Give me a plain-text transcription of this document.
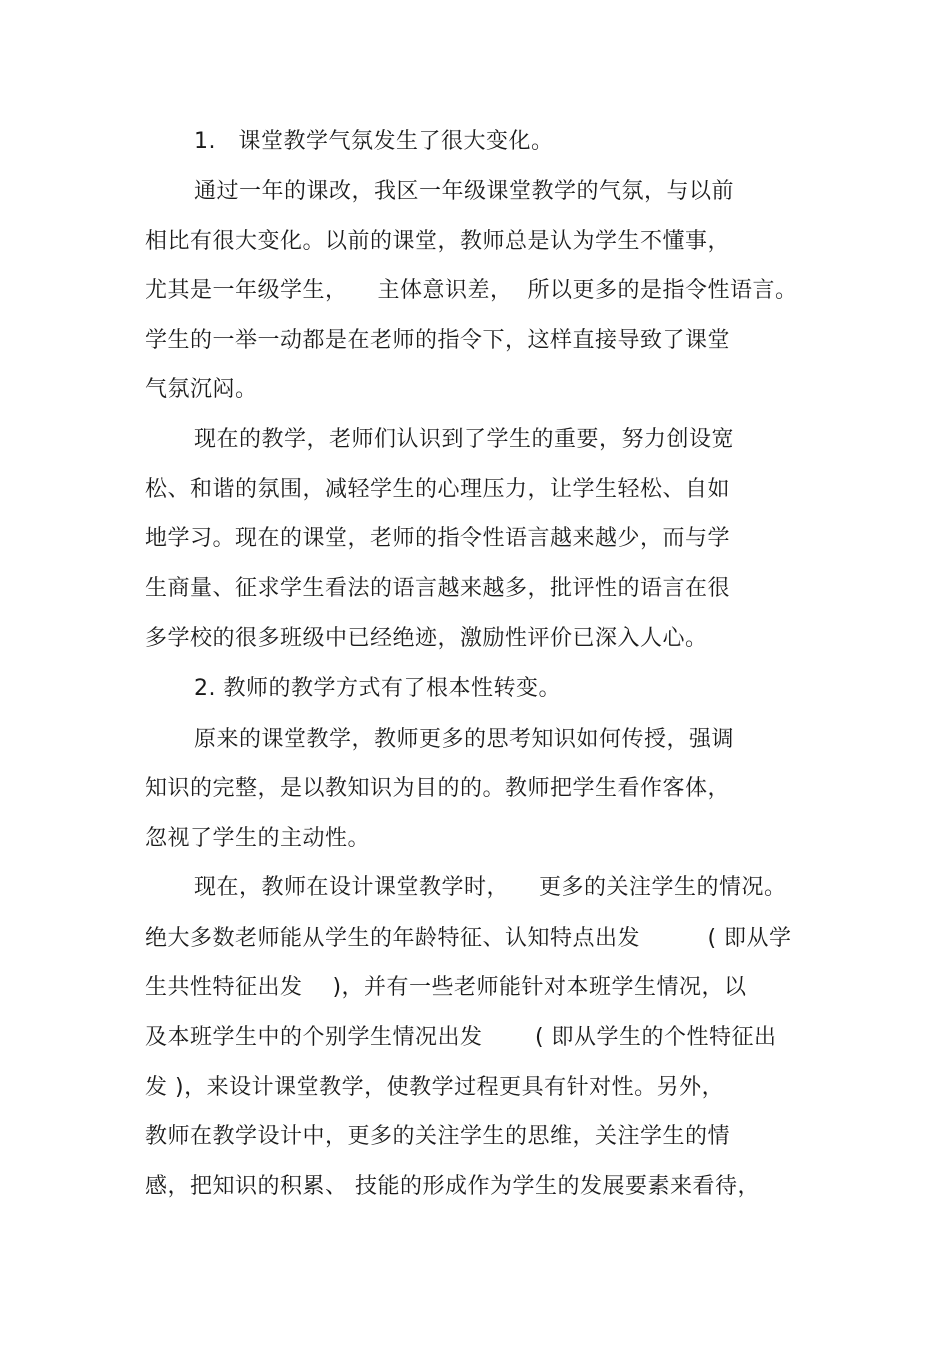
1.   课堂教学气氛发生了很大变化。
通过一年的课改，我区一年级课堂教学的气氛，与以前
相比有很大变化。以前的课堂，教师总是认为学生不懂事，
尤其是一年级学生，    主体意识差，  所以更多的是指令性语言。
学生的一举一动都是在老师的指令下，这样直接导致了课堂
气氛沉闷。
现在的教学，老师们认识到了学生的重要，努力创设宽
松、和谐的氛围，减轻学生的心理压力，让学生轻松、自如
地学习。现在的课堂，老师的指令性语言越来越少，而与学
生商量、征求学生看法的语言越来越多，批评性的语言在很
多学校的很多班级中已经绝迹，激励性评价已深入人心。
2. 教师的教学方式有了根本性转变。
原来的课堂教学，教师更多的思考知识如何传授，强调
知识的完整，是以教知识为目的的。教师把学生看作客体，
忽视了学生的主动性。
现在，教师在设计课堂教学时，    更多的关注学生的情况。
绝大多数老师能从学生的年龄特征、认知特点出发         ( 即从学
生共性特征出发    )，并有一些老师能针对本班学生情况，以
及本班学生中的个别学生情况出发       ( 即从学生的个性特征出
发 )，来设计课堂教学，使教学过程更具有针对性。另外，
教师在教学设计中，更多的关注学生的思维，关注学生的情
感，把知识的积累、 技能的形成作为学生的发展要素来看待，
